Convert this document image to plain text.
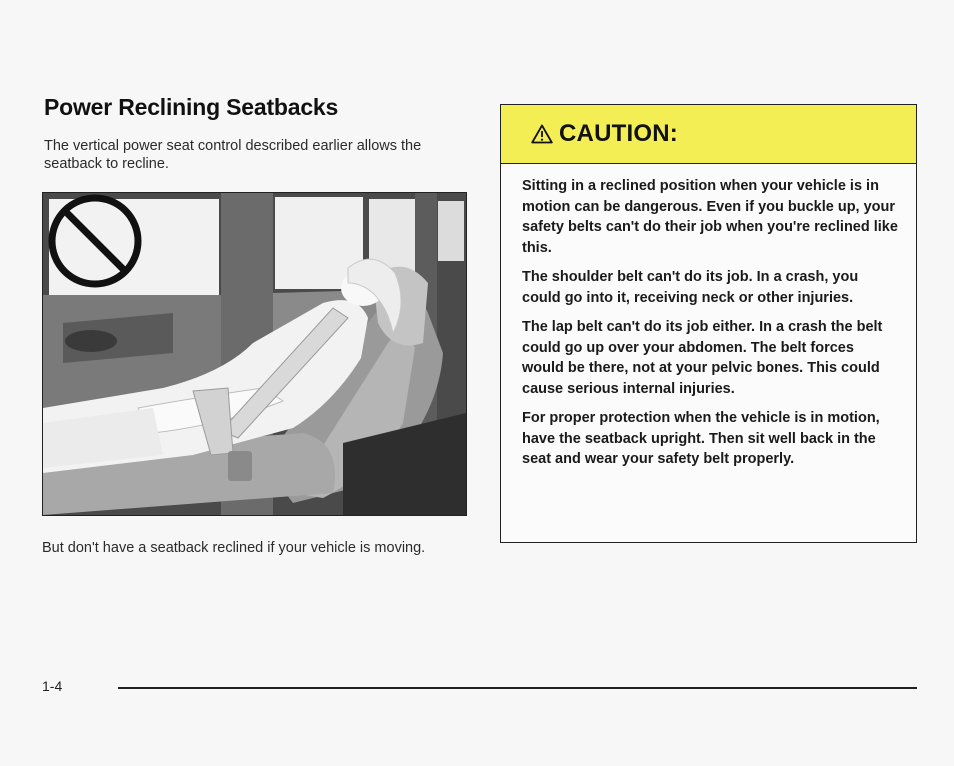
Power Reclining Seatbacks

The vertical power seat control described earlier allows the seatback to recline.

But don't have a seatback reclined if your vehicle is moving.

CAUTION:

Sitting in a reclined position when your vehicle is in motion can be dangerous. Even if you buckle up, your safety belts can't do their job when you're reclined like this.

The shoulder belt can't do its job. In a crash, you could go into it, receiving neck or other injuries.

The lap belt can't do its job either. In a crash the belt could go up over your abdomen. The belt forces would be there, not at your pelvic bones. This could cause serious internal injuries.

For proper protection when the vehicle is in motion, have the seatback upright. Then sit well back in the seat and wear your safety belt properly.

1-4
